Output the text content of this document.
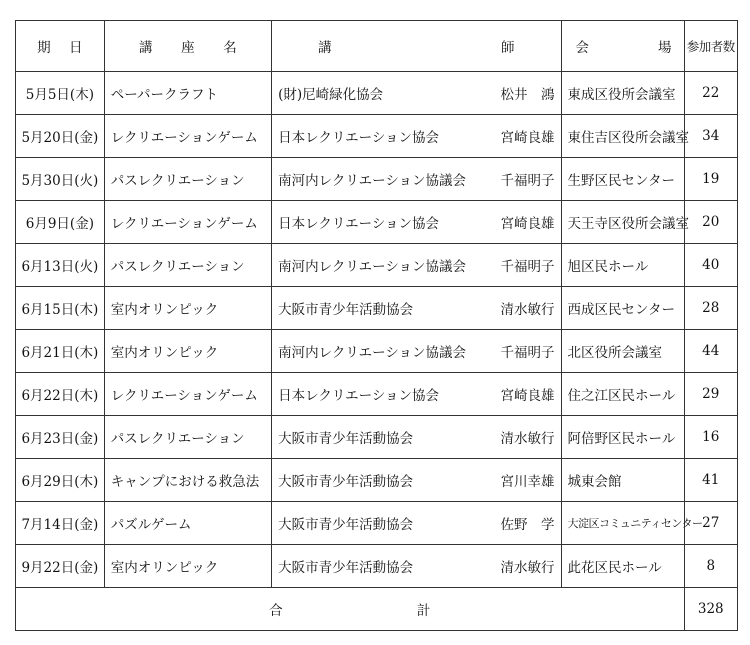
期 日	講 座 名	講 師	会 場	参加者数
5月5日(木)	ペーパークラフト	(財)尼崎緑化協会 松井　鴻	東成区役所会議室	22
5月20日(金)	レクリエーションゲーム	日本レクリエーション協会 宮崎良雄	東住吉区役所会議室	34
5月30日(火)	パスレクリエーション	南河内レクリエーション協議会 千福明子	生野区民センター	19
6月9日(金)	レクリエーションゲーム	日本レクリエーション協会 宮崎良雄	天王寺区役所会議室	20
6月13日(火)	パスレクリエーション	南河内レクリエーション協議会 千福明子	旭区民ホール	40
6月15日(木)	室内オリンピック	大阪市青少年活動協会 清水敏行	西成区民センター	28
6月21日(木)	室内オリンピック	南河内レクリエーション協議会 千福明子	北区役所会議室	44
6月22日(木)	レクリエーションゲーム	日本レクリエーション協会 宮崎良雄	住之江区民ホール	29
6月23日(金)	パスレクリエーション	大阪市青少年活動協会 清水敏行	阿倍野区民ホール	16
6月29日(木)	キャンプにおける救急法	大阪市青少年活動協会 宮川幸雄	城東会館	41
7月14日(金)	パズルゲーム	大阪市青少年活動協会 佐野　学	大淀区コミュニティセンター	27
9月22日(金)	室内オリンピック	大阪市青少年活動協会 清水敏行	此花区民ホール	8

合 計				328
